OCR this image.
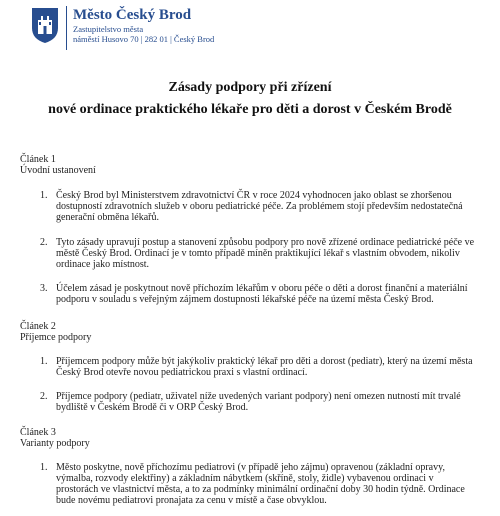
Město Český Brod
Zastupitelstvo města
náměstí Husovo 70 | 282 01 | Český Brod
Zásady podpory při zřízení
nové ordinace praktického lékaře pro děti a dorost v Českém Brodě
Článek 1
Úvodní ustanovení
1. Český Brod byl Ministerstvem zdravotnictví ČR v roce 2024 vyhodnocen jako oblast se zhoršenou dostupností zdravotních služeb v oboru pediatrické péče. Za problémem stojí především nedostatečná generační obměna lékařů.
2. Tyto zásady upravují postup a stanovení způsobu podpory pro nově zřízené ordinace pediatrické péče ve městě Český Brod. Ordinací je v tomto případě míněn praktikující lékař s vlastním obvodem, nikoliv ordinace jako místnost.
3. Účelem zásad je poskytnout nově příchozím lékařům v oboru péče o děti a dorost finanční a materiální podporu v souladu s veřejným zájmem dostupnosti lékařské péče na území města Český Brod.
Článek 2
Příjemce podpory
1. Příjemcem podpory může být jakýkoliv praktický lékař pro děti a dorost (pediatr), který na území města Český Brod otevře novou pediatrickou praxi s vlastní ordinací.
2. Příjemce podpory (pediatr, uživatel níže uvedených variant podpory) není omezen nutností mít trvalé bydliště v Českém Brodě či v ORP Český Brod.
Článek 3
Varianty podpory
1. Město poskytne, nově příchozímu pediatrovi (v případě jeho zájmu) opravenou (základní opravy, výmalba, rozvody elektřiny) a základním nábytkem (skříně, stoly, židle) vybavenou ordinaci v prostorách ve vlastnictví města, a to za podmínky minimální ordinační doby 30 hodin týdně. Ordinace bude novému pediatrovi pronajata za cenu v místě a čase obvyklou.
